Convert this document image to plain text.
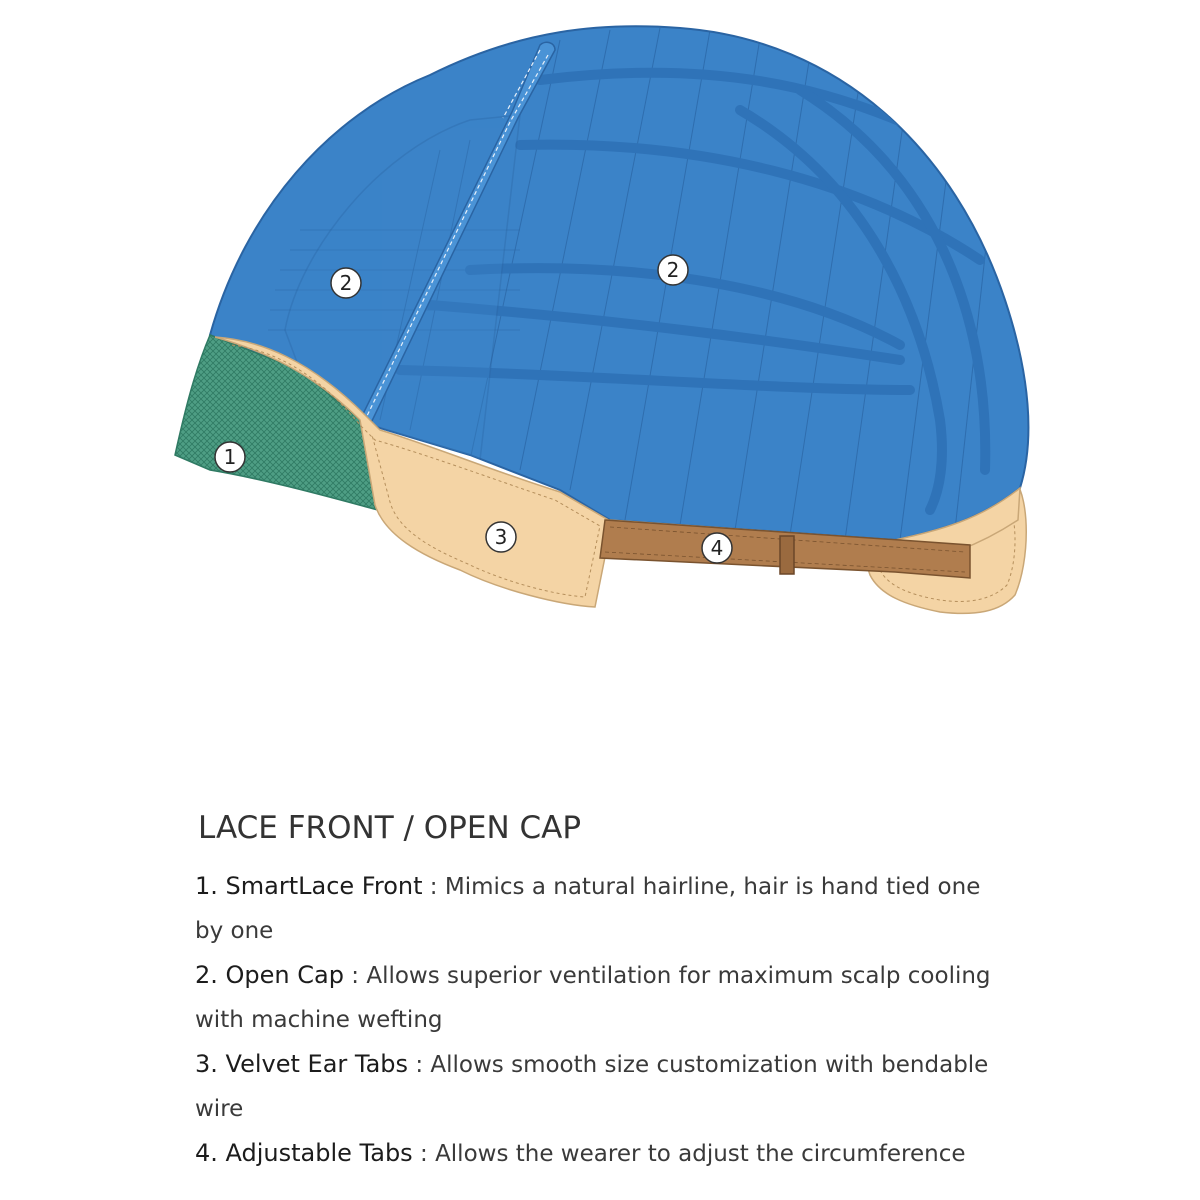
1
2
2
3	4
LACE FRONT / OPEN CAP
1. SmartLace Front : Mimics a natural hairline, hair is hand tied one by one
2. Open Cap : Allows superior ventilation for maximum scalp cooling with machine wefting
3. Velvet Ear Tabs : Allows smooth size customization with bendable wire
4. Adjustable Tabs : Allows the wearer to adjust the circumference
